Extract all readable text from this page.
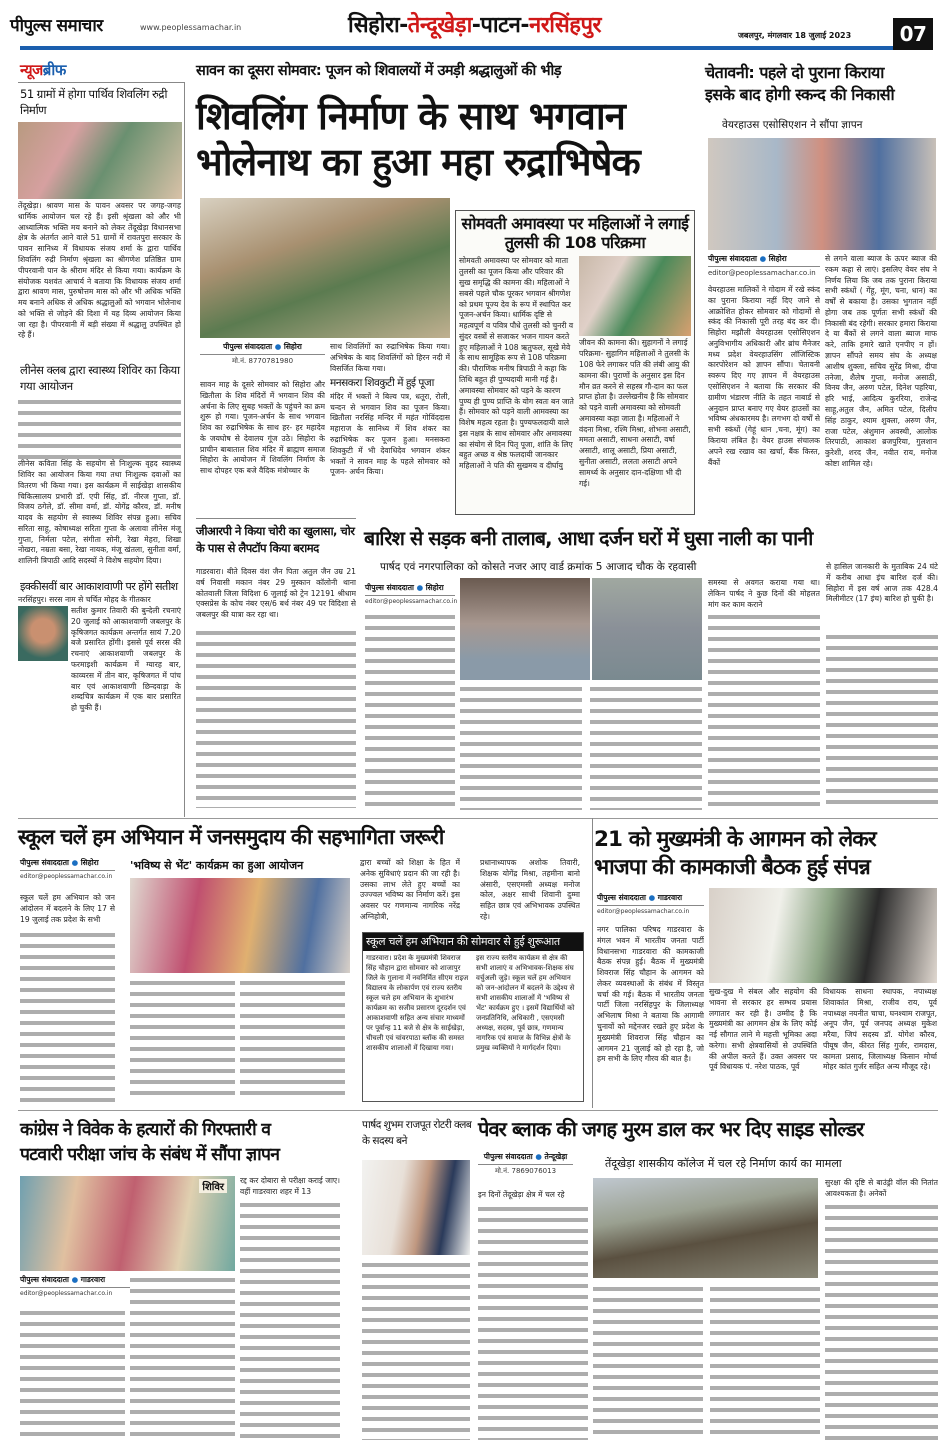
पीपुल्स समाचार	www.peoplessamachar.in	सिहोरा-तेन्दूखेड़ा-पाटन-नरसिंहपुर	जबलपुर, मंगलवार 18 जुलाई 2023	07
न्यूजब्रीफ
51 ग्रामों में होगा पार्थिव शिवलिंग रुद्री निर्माण
तेंदूखेड़ा। श्रावण मास के पावन अवसर पर जगह-जगह धार्मिक आयोजन चल रहे हैं। इसी श्रृंखला को और भी आध्यात्मिक भक्ति मय बनाने को लेकर तेंदूखेड़ा विधानसभा क्षेत्र के अंतर्गत आने वाले 51 ग्रामों में रावतपुरा सरकार के पावन सानिध्य में विधायक संजय शर्मा के द्वारा पार्थिव शिवलिंग रुद्री निर्माण श्रृंखला का श्रीगणेश प्रतिष्ठित ग्राम पीपरवानी पान के श्रीराम मंदिर से किया गया। कार्यक्रम के संयोजक यशवंत आचार्य ने बताया कि विधायक संजय शर्मा द्वारा श्रावण मास, पुरुषोत्तम मास को और भी अधिक भक्ति मय बनाने अधिक से अधिक श्रद्धालुओं को भगवान भोलेनाथ को भक्ति से जोड़ने की दिशा में यह दिव्य आयोजन किया जा रहा है। पीपरवानी में बड़ी संख्या में श्रद्धालु उपस्थित हो रहे हैं।
लीनेस क्लब द्वारा स्वास्थ्य शिविर का किया गया आयोजन
लीनेस कविता सिंह के सहयोग से निःशुल्क वृहद स्वास्थ्य शिविर का आयोजन किया गया तथा निःशुल्क दवाओं का वितरण भी किया गया। इस कार्यक्रम में साईखेड़ा शासकीय चिकित्सालय प्रभारी डॉ. एपी सिंह, डॉ. नीरज गुप्ता, डॉ. विजय ठगेले, डॉ. सीमा वर्मा, डॉ. योगेंद्र कौरव, डॉ. मनीष यादव के सहयोग से स्वास्थ्य शिविर संपन्न हुआ। सचिव सरिता साहू, कोषाध्यक्ष सरिता गुप्ता के अलावा लीनेस मंजू गुप्ता, निर्मला पटेल, संगीता सोनी, रेखा मेहरा, शिखा नोखरा, नम्रता बसा, रेखा नायक, मंजू खंतला, सुनीता वर्मा, शालिनी त्रिपाठी आदि सदस्यों ने विशेष सहयोग दिया।
इक्कीसवीं बार आकाशवाणी पर होंगे सतीश
नरसिंहपुर। सरस नाम से चर्चित मोहद के गीतकार
सतीश कुमार तिवारी की बुन्देली रचनाएं 20 जुलाई को आकाशवाणी जबलपुर के कृषिजगत कार्यक्रम अन्तर्गत सायं 7.20 बजे प्रसारित होंगी। इससे पूर्व सरस की रचनाएं आकाशवाणी जबलपुर के फरमाइशी कार्यक्रम में ग्यारह बार, काव्यरस में तीन बार, कृषिजगत में पांच बार एवं आकाशवाणी छिन्दवाड़ा के शब्दचित्र कार्यक्रम में एक बार प्रसारित हो चुकी हैं।
सावन का दूसरा सोमवार: पूजन को शिवालयों में उमड़ी श्रद्धालुओं की भीड़
शिवलिंग निर्माण के साथ भगवान
भोलेनाथ का हुआ महा रुद्राभिषेक
पीपुल्स संवाददाता ● सिहोरा
मो.नं. 8770781980
सावन माह के दूसरे सोमवार को सिहोरा और खितौला के शिव मंदिरों में भगवान शिव की अर्चना के लिए सुबह भक्तों के पहुंचने का क्रम शुरू हो गया। पूजन-अर्चन के साथ भगवान शिव का रुद्राभिषेक के साथ हर- हर महादेव के जयघोष से देवालय गूंज उठे। सिहोरा के प्राचीन बाबाताल शिव मंदिर में ब्राह्मण समाज सिहोरा के आयोजन में शिवलिंग निर्माण के साथ दोपहर एक बजे वैदिक मंत्रोच्चार के
साथ शिवलिंगों का रुद्राभिषेक किया गया। अभिषेक के बाद शिवलिंगों को हिरन नदी में विसर्जित किया गया।
मनसकरा शिवकुटी में हुई पूजा
मंदिर में भक्तों ने बिल्व पत्र, धतूरा, रोली, चन्दन से भगवान शिव का पूजन किया। खितौला नरसिंह मन्दिर में महंत गोविंददास महाराज के सानिध्य में शिव शंकर का रुद्राभिषेक कर पूजन हुआ। मनसकरा शिवकुटी में भी देवाधिदेव भगवान शंकर भक्तों ने सावन माह के पहले सोमवार को पूजन- अर्चन किया।
सोमवती अमावस्या पर महिलाओं ने लगाई तुलसी की 108 परिक्रमा
सोमवती अमावस्या पर सोमवार को माता तुलसी का पूजन किया और परिवार की सुख समृद्धि की कामना की। महिलाओं ने सबसे पहले चौक पूरकर भगवान श्रीगणेश को प्रथम पूज्य देव के रूप में स्थापित कर पूजन-अर्चन किया। धार्मिक दृष्टि से महत्वपूर्ण व पवित्र पौधे तुलसी को चुनरी व सुंदर वस्त्रों से सजाकर भजन गायन करते हुए महिलाओं ने 108 ऋतुफल, सूखे मेवे के साथ सामूहिक रूप से 108 परिक्रमा की। पौराणिक मनीष त्रिपाठी ने कहा कि तिथि बहुत ही पुण्यदायी मानी गई है। अमावस्या सोमवार को पड़ने के कारण पुण्य ही पुण्य प्राप्ति के योग स्वतः बन जाते हैं। सोमवार को पड़ने वाली आमवस्या का विशेष महत्व रहता है। पुण्यफलदायी वाले इस नक्षत्र के साथ सोमवार और अमावस्या का संयोग से दिन पितृ पूजा, शांति के लिए बहुत अच्छ व श्रेष्ठ फलदायी जानकार महिलाओं ने पति की सुखमय व दीर्घायु
जीवन की कामना की। सुहागनों ने लगाई परिक्रमा- सुहागिन महिलाओं ने तुलसी के 108 फेरे लगाकर पति की लंबी आयु की कामना की। पुराणों के अनुसार इस दिन मौन व्रत करने से सहस्त्र गौ-दान का फल प्राप्त होता है। उल्लेखनीय है कि सोमवार को पड़ने वाली अमावस्या को सोमवती अमावस्या कहा जाता है। महिलाओं ने वंदना मिश्रा, रश्मि मिश्रा, शोभना असाटी, ममता असाटी, साधना असाटी, वर्षा असाटी, शालू असाटी, प्रिया असाटी, सुनीता असाटी, ललता असाटी अपने सामर्थ्य के अनुसार दान-दक्षिणा भी दी गई।
चेतावनी: पहले दो पुराना किराया
इसके बाद होगी स्कन्द की निकासी
वेयरहाउस एसोसिएशन ने सौंपा ज्ञापन
पीपुल्स संवाददाता ● सिहोरा
editor@peoplessamachar.co.in
वेयरहाउस मालिकों ने गोदाम में रखे स्कंद का पुराना किराया नहीं दिए जाने से आक्रोशित होकर सोमवार को गोदामों से स्कंद की निकासी पूरी तरह बंद कर दी। सिहोरा मझौली वेयरहाउस एसोसिएशन अनुविभागीय अधिकारी और ब्रांच मैनेजर मध्य प्रदेश वेयरहाउसिंग लॉजिस्टिक कारपोरेशन को ज्ञापन सौंपा। चेतावनी स्वरूप दिए गए ज्ञापन में वेयरहाउस एसोसिएशन ने बताया कि सरकार की ग्रामीण भंडारण नीति के तहत नाबार्ड से अनुदान प्राप्त बनाए गए वेयर हाउसों का भविष्य अंधकारमय है। लगभग दो वर्षों से सभी स्कंधों (गेहूं धान ,चना, मूंग) का किराया लंबित है। वेयर हाउस संचालक अपने रख रखाव का खर्चा, बैंक किस्त, बैंकों
से लगने वाला ब्याज के ऊपर ब्याज की रकम कहा से लाएं। इसलिए वेयर संघ ने निर्णय लिया कि जब तक पुराना किराया सभी स्कंधों ( गेंहू, मूंग, चना, धान) का वर्षों से बकाया है। उसका भुगतान नहीं होगा जब तक पूर्णतः सभी स्कंधों की निकासी बंद रहेगी। सरकार हमारा किराया दे या बैंकों से लगने वाला ब्याज माफ करे, ताकि हमारे खाते एनपीए न हों। ज्ञापन सौंपते समय संघ के अध्यक्ष आशीष शुक्ला, सचिव सुरेंद्र मिश्रा, दीपा तनेजा, शैलेष गुप्ता, मनोज असाठी, विनय जैन, अरुण पटेल, दिनेश पहरिया, हरि भाई, आदित्य कुररिया, राजेन्द्र साहू,अतुल जैन, अमित पटेल, दिलीप सिंह ठाकुर, श्याम शुक्ला, अरुण जैन, राजा पटेल, अंशुमान अवस्थी, आलोक तिरपाठी, आकाश ब्रजपुरिया, गुलशान कुरेशी, शरद जैन, नवीत राय, मनोज कोष्टा शामिल रहे।
जीआरपी ने किया चोरी का खुलासा, चोर के पास से लैपटॉप किया बरामद
गाडरवारा। बीते दिवस वंश जैन पिता अतुल जैन उम्र 21 वर्ष निवासी मकान नंबर 29 मुस्कान कॉलोनी थाना कोतवाली जिला विदिशा 6 जुलाई को ट्रेन 12191 श्रीधाम एक्सप्रेस के कोच नंबर एस/6 बर्थ नंबर 49 पर विदिशा से जबलपुर की यात्रा कर रहा था।
बारिश से सड़क बनी तालाब, आधा दर्जन घरों में घुसा नाली का पानी
पार्षद एवं नगरपालिका को कोसते नजर आए वार्ड क्रमांक 5 आजाद चौक के रहवासी
पीपुल्स संवाददाता ● सिहोरा
editor@peoplessamachar.co.in
समस्या से अवगत कराया गया था। लेकिन पार्षद ने कुछ दिनों की मोहलत मांग कर काम कराने
से हासिल जानकारी के मुताबिक 24 घंटे में करीब आधा इंच बारिश दर्ज की। सिहोरा में इस वर्ष आज तक 428.4 मिलीमीटर (17 इंच) बारिश हो चुकी है।
स्कूल चलें हम अभियान में जनसमुदाय की सहभागिता जरूरी
पीपुल्स संवाददाता ● सिहोरा
editor@peoplessamachar.co.in
स्कूल चलें हम अभियान को जन आंदोलन में बदलने के लिए 17 से 19 जुलाई तक प्रदेश के सभी
'भविष्य से भेंट' कार्यक्रम का हुआ आयोजन	द्वारा बच्चों को शिक्षा के हित में अनेक सुविधाएं प्रदान की जा रही है। उसका लाभ लेते हुए बच्चों का उज्ज्वल भविष्य का निर्माण करें। इस अवसर पर गणमान्य नागरिक नरेंद्र अग्निहोत्री,
प्रधानाध्यापक अशोक तिवारी, शिक्षक योगेंद्र मिश्रा, तहमीना बानो अंसारी, एसएमसी अध्यक्ष मनोज कोल, अक्षर साथी शिवानी दुम्मा सहित छात्र एवं अभिभावक उपस्थित रहे।
स्कूल चलें हम अभियान की सोमवार से हुई शुरूआत
गाडरवारा। प्रदेश के मुख्यमंत्री शिवराज सिंह चौहान द्वारा सोमवार को शाजापुर जिले के गुलाना में नवनिर्मित सीएम राइज विद्यालय के लोकार्पण एवं राज्य स्तरीय स्कूल चले हम अभियान के शुभारंभ कार्यक्रम का सजीव प्रसारण दूरदर्शन एवं आकाशवाणी सहित अन्य संचार माध्यमों पर पूर्वान्ह 11 बजे से क्षेत्र के साईखेड़ा, चीचली एवं चांवरपाठा ब्लॉक की समस्त शासकीय शालाओं में दिखाया गया।
इस राज्य स्तरीय कार्यक्रम से क्षेत्र की सभी शालाएं व अभिभावक-शिक्षक संघ वर्चुअली जुड़े। स्कूल चलें हम अभियान को जन-आंदोलन में बदलने के उद्देश्य से सभी शासकीय शालाओं में 'भविष्य से भेंट' कार्यक्रम हुए । इसमें विद्यार्थियों को जनप्रतिनिधि, अधिकारी , एसएमसी अध्यक्ष, सदस्य, पूर्व छात्र, गणमान्य नागरिक एवं समाज के विभिन्न क्षेत्रों के प्रमुख व्यक्तियों ने मार्गदर्शन दिया।
21 को मुख्यमंत्री के आगमन को लेकर
भाजपा की कामकाजी बैठक हुई संपन्न
पीपुल्स संवाददाता ● गाडरवारा
editor@peoplessamachar.co.in
नगर पालिका परिषद गाडरवारा के मंगल भवन में भारतीय जनता पार्टी विधानसभा गाडरवारा की कामकाजी बैठक संपन्न हुई। बैठक में मुख्यमंत्री शिवराज सिंह चौहान के आगमन को लेकर व्यवस्थाओं के संबंध में विस्तृत चर्चा की गई। बैठक में भारतीय जनता पार्टी जिला नरसिंहपुर के जिलाध्यक्ष अभिलाष मिश्रा ने बताया कि आगामी चुनावों को मद्देनजर रखते हुए प्रदेश के मुख्यमंत्री शिवराज सिंह चौहान का आगमन 21 जुलाई को हो रहा है, जो हम सभी के लिए गौरव की बात है।
सुख-दुख मे संबल और सहयोग की भावना से सरकार हर सम्भव प्रयास लगातार कर रही है। उम्मीद है कि मुख्यमंत्री का आगमन क्षेत्र के लिए कोई नई सौगात लाने मे महत्ती भूमिका अदा करेगा। सभी क्षेत्रवासियों से उपस्थिति की अपील करते हैं। उक्त अवसर पर पूर्व विधायक पं. नरेश पाठक, पूर्व
विधायक साधना स्थापक, नपाध्यक्ष शिवाकांत मिश्रा, राजीव राय, पूर्व नपाध्यक्ष नयनीत चाचा, घनश्याम राजपूत, अनूप जैन, पूर्व जनपद अध्यक्ष मुकेश मरैया, जिपं सदस्य डॉ. योगेश कौरव, पीयूष जैन, कीरत सिंह गुर्जर, रामदास, कामता प्रसाद, जिलाध्यक्ष किसान मोर्चा मोहर कांत गुर्जर सहित अन्य मौजूद रहे।
कांग्रेस ने विवेक के हत्यारों की गिरफ्तारी व
पटवारी परीक्षा जांच के संबंध में सौंपा ज्ञापन
शिविर
पीपुल्स संवाददाता ● गाडरवारा
editor@peoplessamachar.co.in
रद्द कर दोबारा से परीक्षा कराई जाए। वहीं गाडरवारा शहर में 13
पार्षद शुभम राजपूत रोटरी क्लब के सदस्य बने	पेवर ब्लाक की जगह मुरम डाल कर भर दिए साइड सोल्डर
पीपुल्स संवाददाता ● तेन्दूखेड़ा
मो.नं. 7869076013
तेंदूखेड़ा शासकीय कॉलेज में चल रहे निर्माण कार्य का मामला
इन दिनों तेंदूखेड़ा क्षेत्र में चल रहे
सुरक्षा की दृष्टि से बाउंड्री वॉल की नितांत आवश्यकता है। अनेकों
